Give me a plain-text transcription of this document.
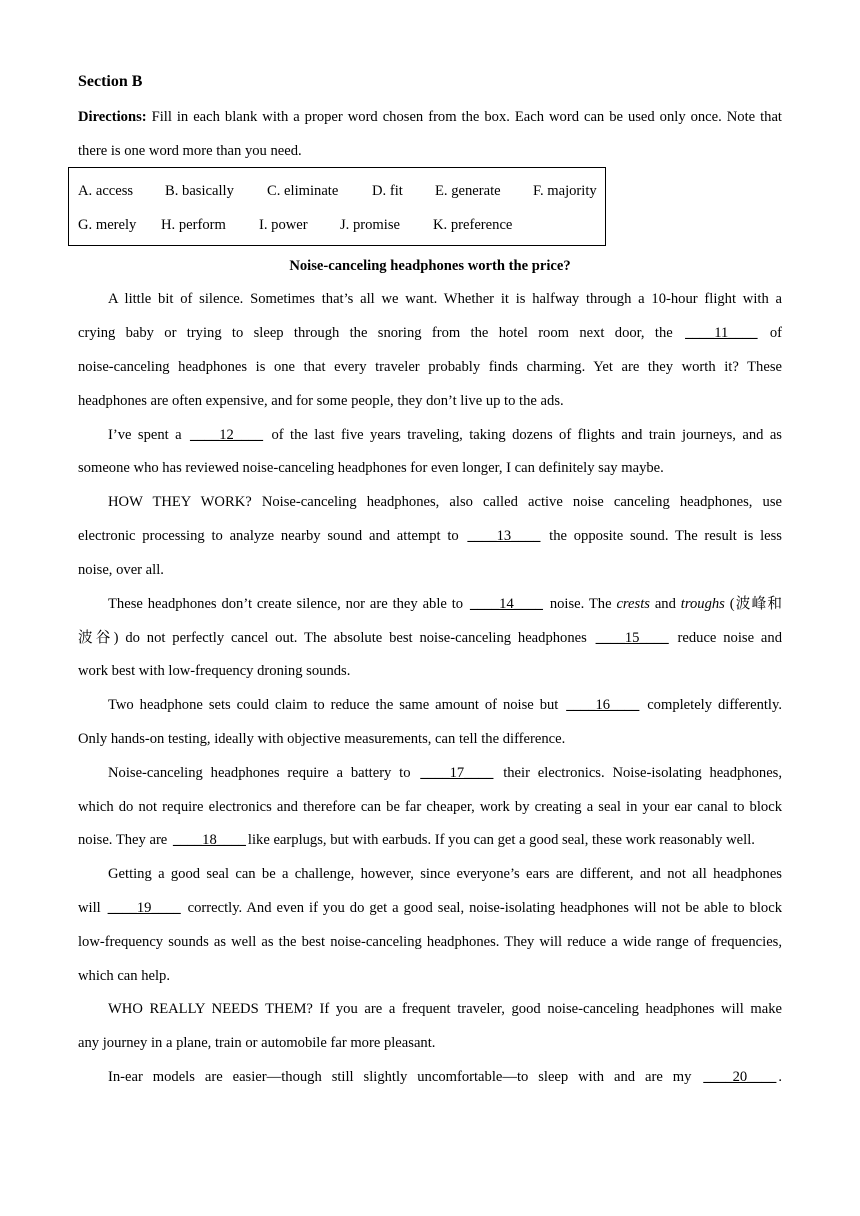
Section B
Directions: Fill in each blank with a proper word chosen from the box. Each word can be used only once. Note that
there is one word more than you need.
Noise-canceling headphones worth the price?
A little bit of silence. Sometimes that’s all we want. Whether it is halfway through a 10-hour flight with a
crying baby or trying to sleep through the snoring from the hotel room next door, the ____11____ of
noise-canceling headphones is one that every traveler probably finds charming. Yet are they worth it? These
headphones are often expensive, and for some people, they don’t live up to the ads.
I’ve spent a ____12____ of the last five years traveling, taking dozens of flights and train journeys, and as
someone who has reviewed noise-canceling headphones for even longer, I can definitely say maybe.
HOW THEY WORK? Noise-canceling headphones, also called active noise canceling headphones, use
electronic processing to analyze nearby sound and attempt to ____13____ the opposite sound. The result is less
noise, over all.
These headphones don’t create silence, nor are they able to ____14____ noise. The crests and troughs (波峰和
波谷) do not perfectly cancel out. The absolute best noise-canceling headphones ____15____ reduce noise and
work best with low-frequency droning sounds.
Two headphone sets could claim to reduce the same amount of noise but ____16____ completely differently.
Only hands-on testing, ideally with objective measurements, can tell the difference.
Noise-canceling headphones require a battery to ____17____ their electronics. Noise-isolating headphones,
which do not require electronics and therefore can be far cheaper, work by creating a seal in your ear canal to block
noise. They are ____18____ like earplugs, but with earbuds. If you can get a good seal, these work reasonably well.
Getting a good seal can be a challenge, however, since everyone’s ears are different, and not all headphones
will ____19____ correctly. And even if you do get a good seal, noise-isolating headphones will not be able to block
low-frequency sounds as well as the best noise-canceling headphones. They will reduce a wide range of frequencies,
which can help.
WHO REALLY NEEDS THEM? If you are a frequent traveler, good noise-canceling headphones will make
any journey in a plane, train or automobile far more pleasant.
In-ear models are easier—though still slightly uncomfortable—to sleep with and are my ____20____ .
A. access B. basically C. eliminate D. fit E. generate F. majority
G. merely H. perform I. power J. promise K. preference
